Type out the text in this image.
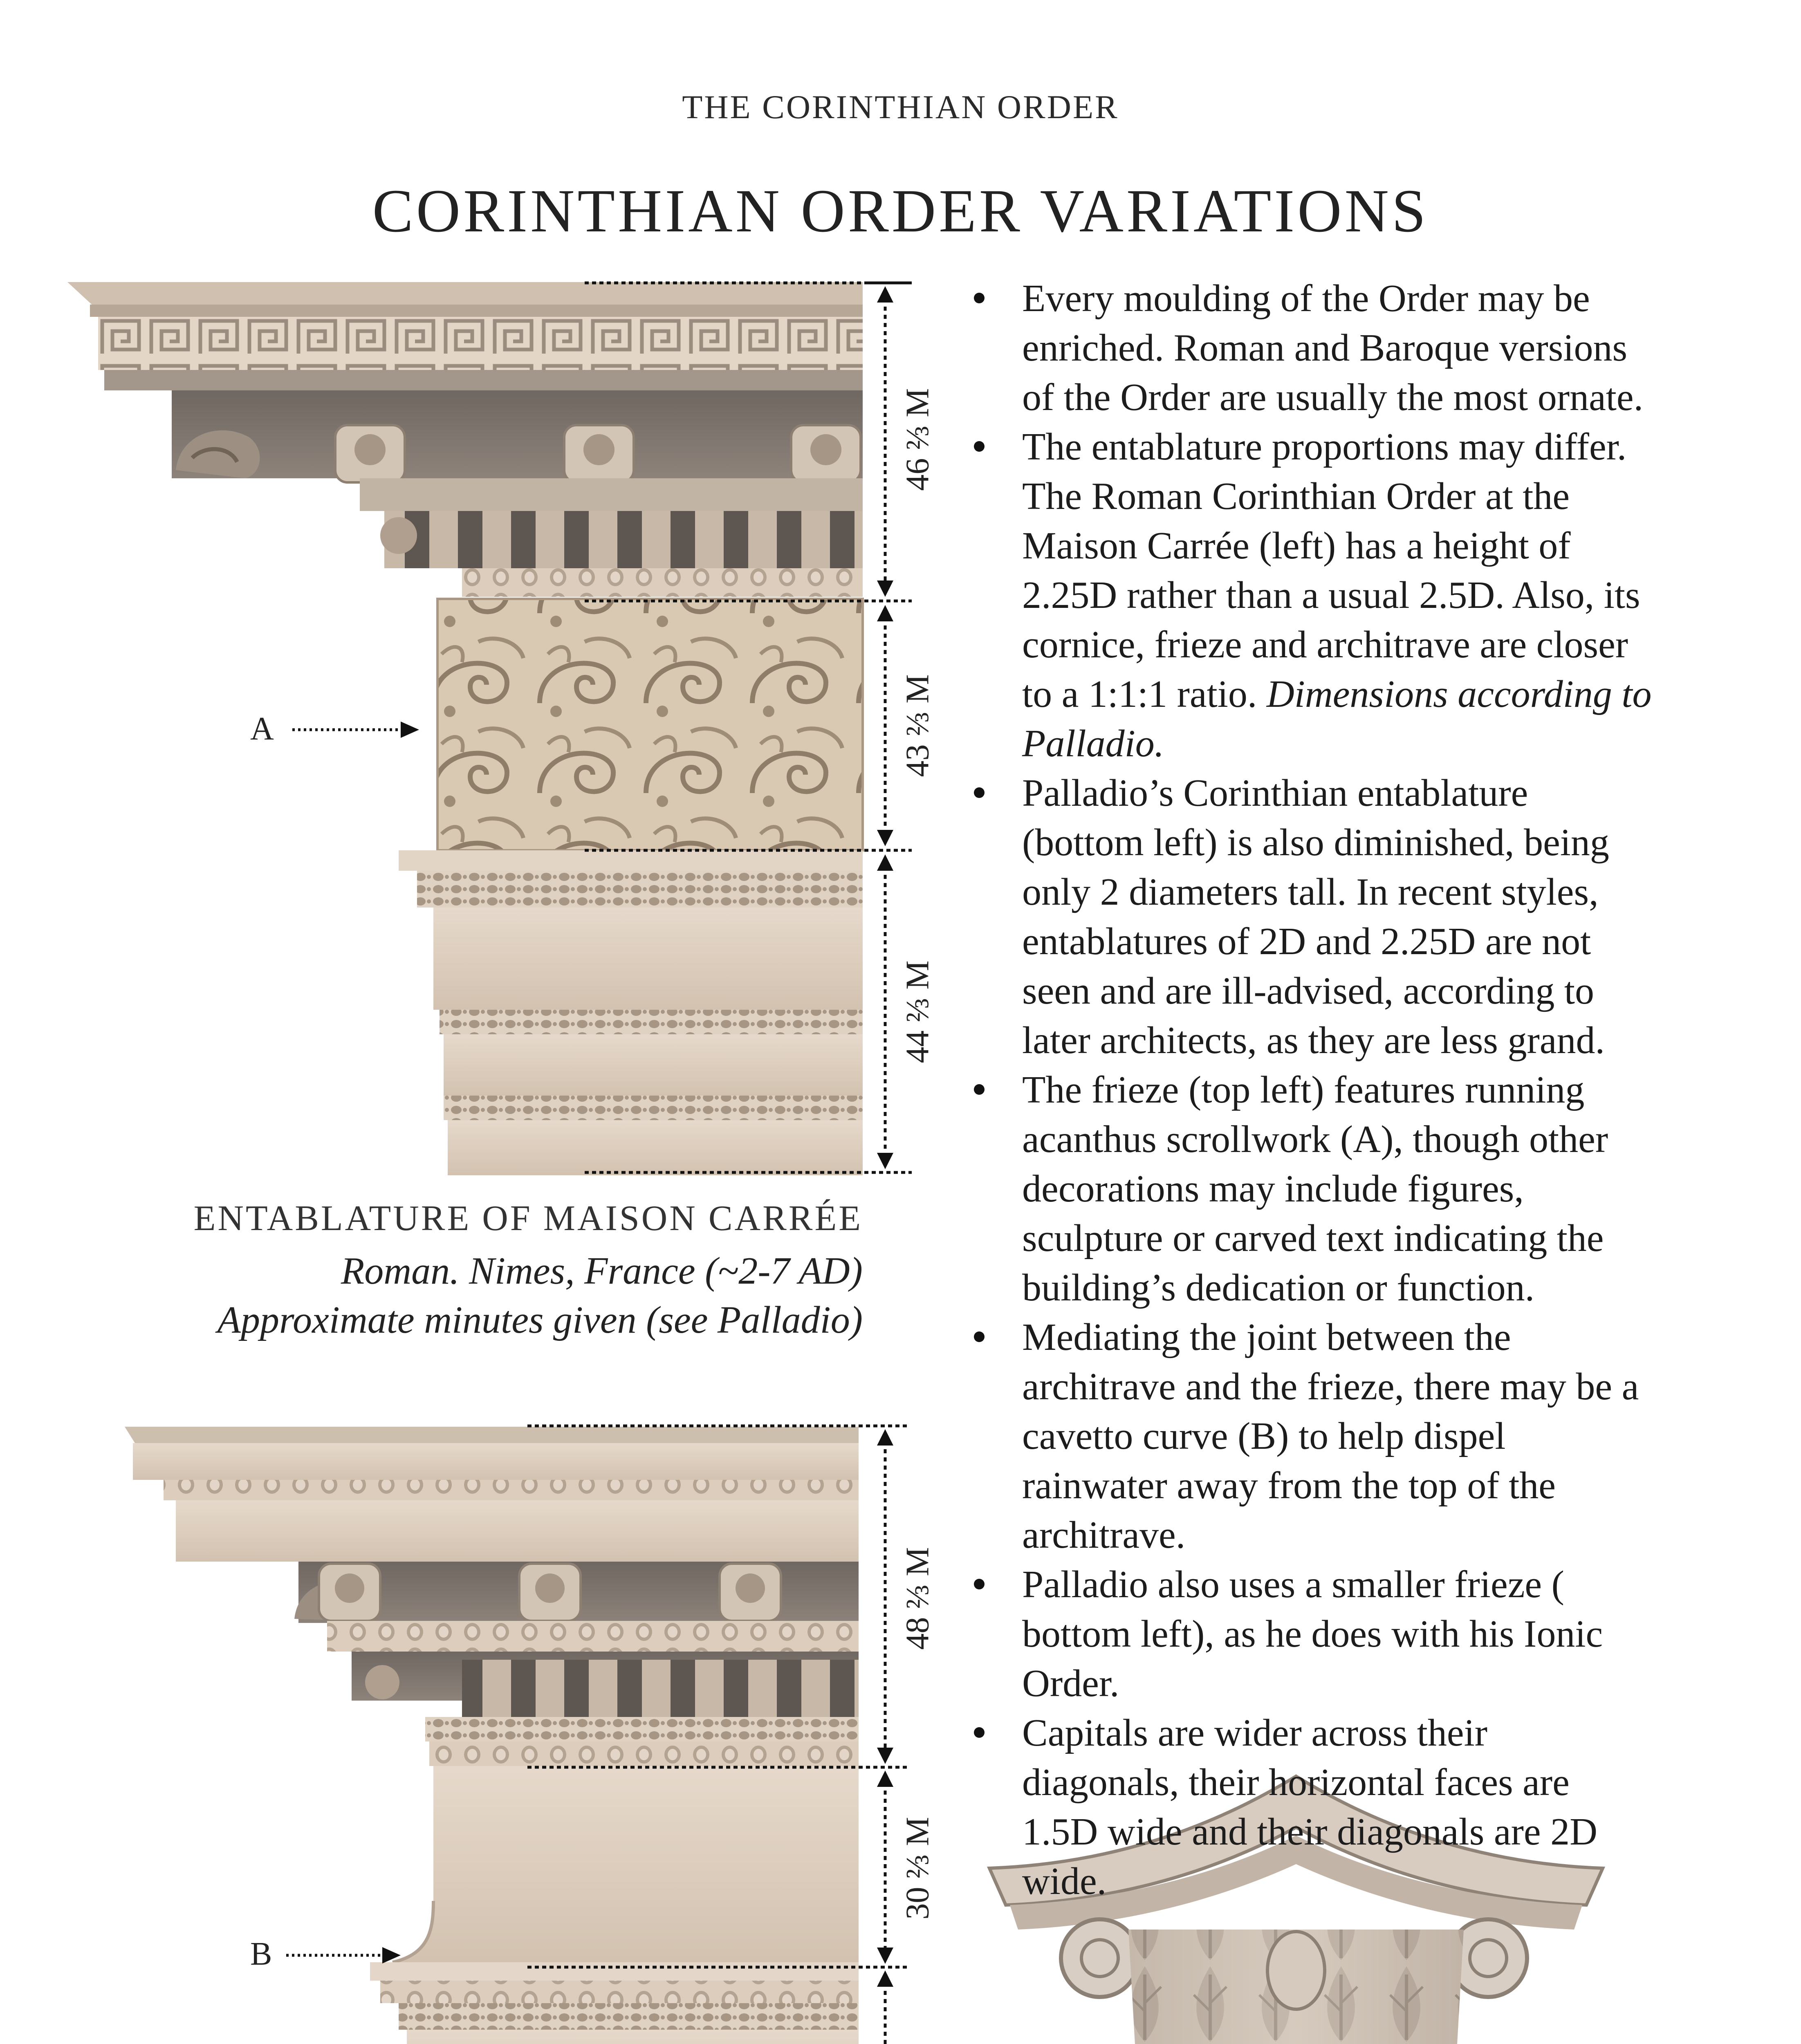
THE CORINTHIAN ORDER
CORINTHIAN ORDER VARIATIONS
46 ⅔ M
43 ⅔ M
44 ⅔ M
48 ⅔ M
30 ⅔ M
A
B
ENTABLATURE OF MAISON CARRÉE
Roman. Nimes, France (~2-7 AD)
Approximate minutes given (see Palladio)
Every moulding of the Order may be enriched. Roman and Baroque versions of the Order are usually the most ornate.
The entablature proportions may differ. The Roman Corinthian Order at the Maison Carrée (left) has a height of 2.25D rather than a usual 2.5D. Also, its cornice, frieze and architrave are closer to a 1:1:1 ratio. Dimensions according to Palladio.
Palladio’s Corinthian entablature (bottom left) is also diminished, being only 2 diameters tall. In recent styles, entablatures of 2D and 2.25D are not seen and are ill-advised, according to later architects, as they are less grand.
The frieze (top left) features running acanthus scrollwork (A), though other decorations may include figures, sculpture or carved text indicating the building’s dedication or function.
Mediating the joint between the architrave and the frieze, there may be a cavetto curve (B) to help dispel rainwater away from the top of the architrave.
Palladio also uses a smaller frieze ( bottom left), as he does with his Ionic Order.
Capitals are wider across their diagonals, their horizontal faces are 1.5D wide and their diagonals are 2D wide.
